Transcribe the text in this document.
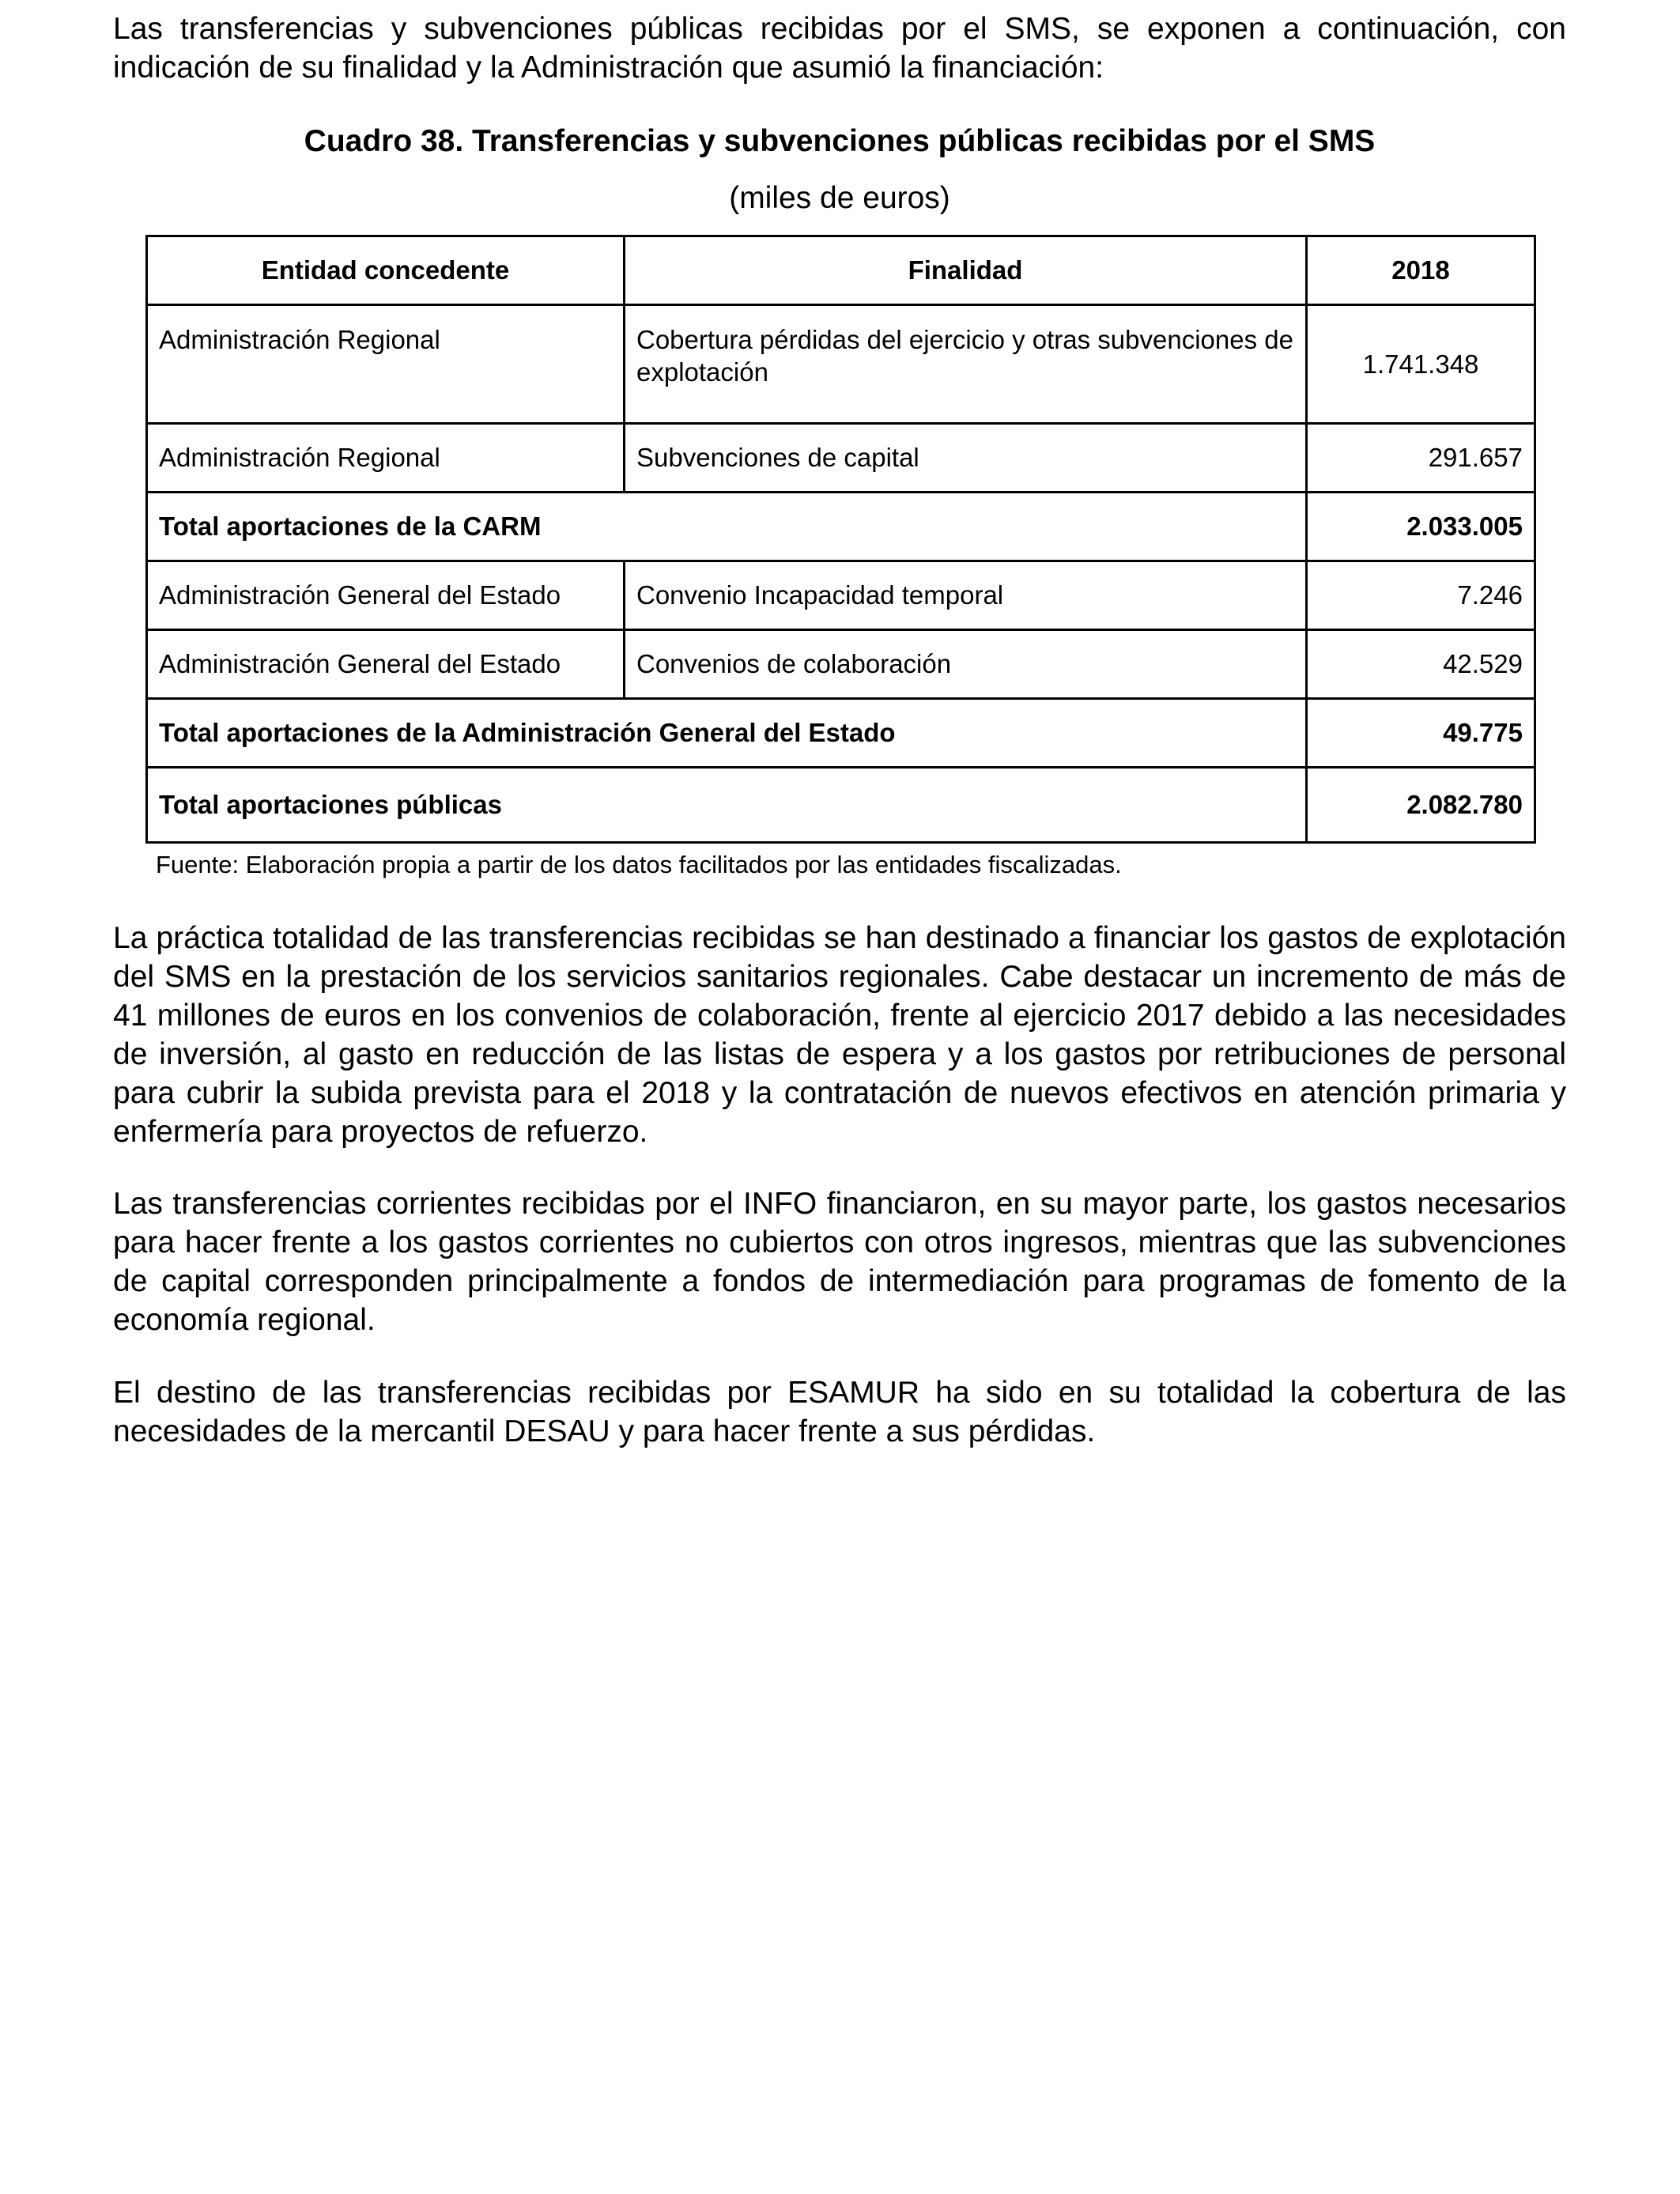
Las transferencias y subvenciones públicas recibidas por el SMS, se exponen a continuación, con indicación de su finalidad y la Administración que asumió la financiación:

Cuadro 38. Transferencias y subvenciones públicas recibidas por el SMS

(miles de euros)

Entidad concedente	Finalidad	2018
Administración Regional	Cobertura pérdidas del ejercicio y otras subvenciones de explotación	1.741.348
Administración Regional	Subvenciones de capital	291.657
Total aportaciones de la CARM		2.033.005
Administración General del Estado	Convenio Incapacidad temporal	7.246
Administración General del Estado	Convenios de colaboración	42.529
Total aportaciones de la Administración General del Estado		49.775
Total aportaciones públicas		2.082.780

Fuente: Elaboración propia a partir de los datos facilitados por las entidades fiscalizadas.

La práctica totalidad de las transferencias recibidas se han destinado a financiar los gastos de explotación del SMS en la prestación de los servicios sanitarios regionales. Cabe destacar un incremento de más de 41 millones de euros en los convenios de colaboración, frente al ejercicio 2017 debido a las necesidades de inversión, al gasto en reducción de las listas de espera y a los gastos por retribuciones de personal para cubrir la subida prevista para el 2018 y la contratación de nuevos efectivos en atención primaria y enfermería para proyectos de refuerzo.

Las transferencias corrientes recibidas por el INFO financiaron, en su mayor parte, los gastos necesarios para hacer frente a los gastos corrientes no cubiertos con otros ingresos, mientras que las subvenciones de capital corresponden principalmente a fondos de intermediación para programas de fomento de la economía regional.

El destino de las transferencias recibidas por ESAMUR ha sido en su totalidad la cobertura de las necesidades de la mercantil DESAU y para hacer frente a sus pérdidas.
